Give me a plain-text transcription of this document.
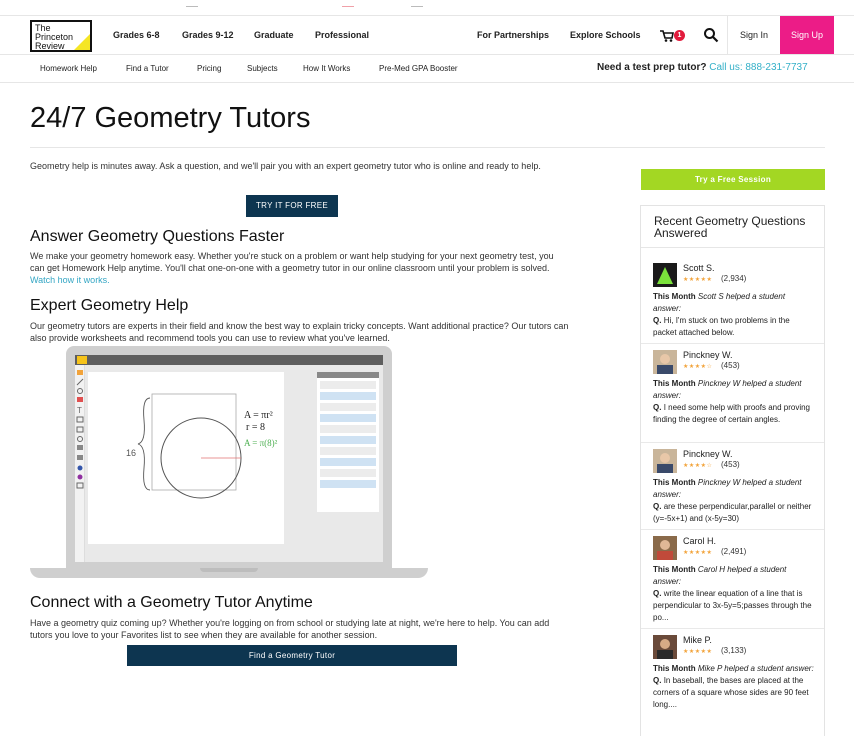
The
Princeton
Review
Grades 6-8 Grades 9-12 Graduate Professional	For Partnerships Explore Schools	1	Sign In	Sign Up
Homework Help	Find a Tutor	Pricing	Subjects	How It Works	Pre-Med GPA Booster	Need a test prep tutor? Call us: 888-231-7737
24/7 Geometry Tutors

Geometry help is minutes away. Ask a question, and we'll pair you with an expert geometry tutor who is online and ready to help.

TRY IT FOR FREE
Answer Geometry Questions Faster

We make your geometry homework easy. Whether you're stuck on a problem or want help studying for your next geometry test, you can get Homework Help anytime. You'll chat one-on-one with a geometry tutor in our online classroom until your problem is solved. Watch how it works.

Expert Geometry Help

Our geometry tutors are experts in their field and know the best way to explain tricky concepts. Want additional practice? Our tutors can also provide worksheets and recommend tools you can use to review what you've learned.

T
16
A = πr²
r = 8
A = π(8)²
Connect with a Geometry Tutor Anytime

Have a geometry quiz coming up? Whether you're logging on from school or studying late at night, we're here to help. You can add tutors you love to your Favorites list to see when they are available for another session.

Find a Geometry Tutor
Try a Free Session
Recent Geometry Questions Answered
Scott S.
★★★★★ (2,934)
This Month Scott S helped a student answer:
Q. Hi, I'm stuck on two problems in the packet attached below.
Pinckney W.
★★★★☆ (453)
This Month Pinckney W helped a student answer:
Q. I need some help with proofs and proving finding the degree of certain angles.
Pinckney W.
★★★★☆ (453)
This Month Pinckney W helped a student answer:
Q. are these perpendicular,parallel or neither (y=-5x+1) and (x-5y=30)
Carol H.
★★★★★ (2,491)
This Month Carol H helped a student answer:
Q. write the linear equation of a line that is perpendicular to 3x-5y=5;passes through the po...
Mike P.
★★★★★ (3,133)
This Month Mike P helped a student answer:
Q. In baseball, the bases are placed at the corners of a square whose sides are 90 feet long....
